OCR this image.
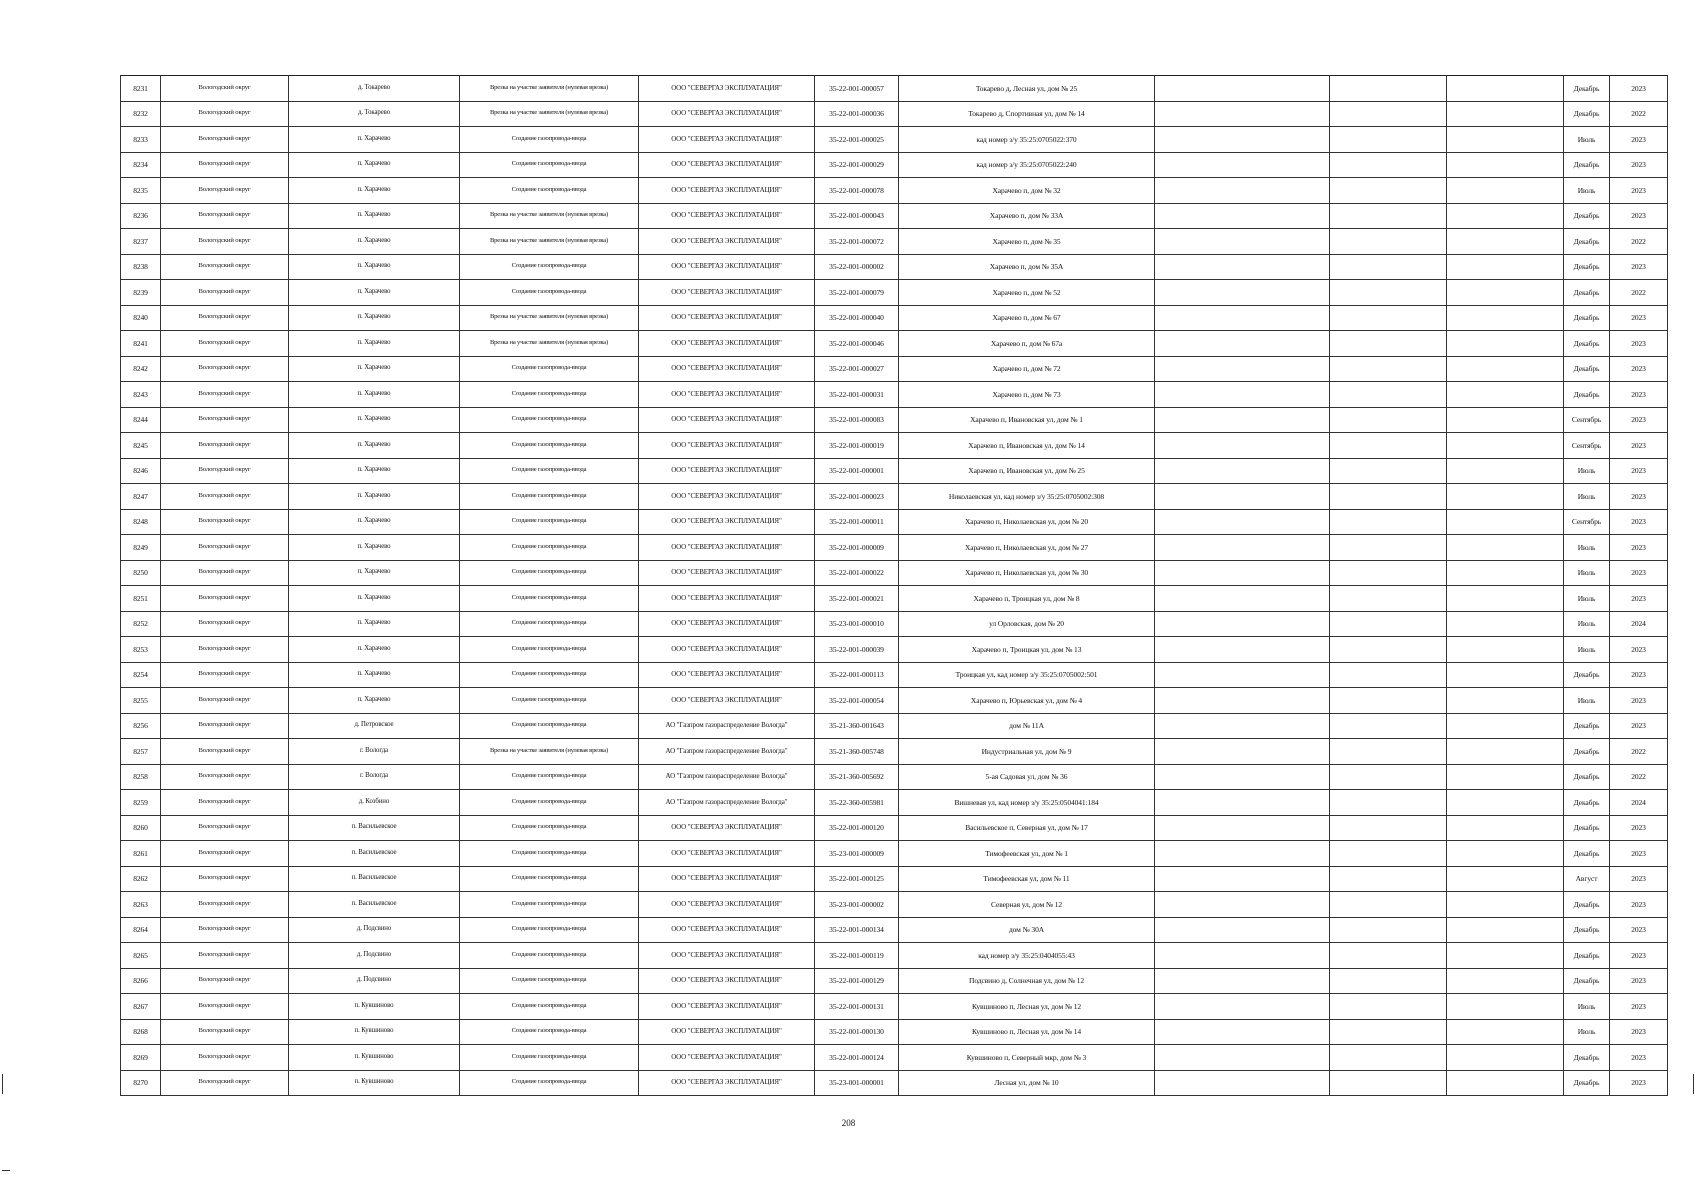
8231	Вологодский округ	д. Токарево	Врезка на участке заявителя (нулевая врезка)	ООО "СЕВЕРГАЗ ЭКСПЛУАТАЦИЯ"	35-22-001-000057	Токарево д, Лесная ул, дом № 25				Декабрь	2023
8232	Вологодский округ	д. Токарево	Врезка на участке заявителя (нулевая врезка)	ООО "СЕВЕРГАЗ ЭКСПЛУАТАЦИЯ"	35-22-001-000036	Токарево д, Спортивная ул, дом № 14				Декабрь	2022
8233	Вологодский округ	п. Харачево	Создание газопровода-ввода	ООО "СЕВЕРГАЗ ЭКСПЛУАТАЦИЯ"	35-22-001-000025	кад номер з/у 35:25:0705022:370				Июль	2023
8234	Вологодский округ	п. Харачево	Создание газопровода-ввода	ООО "СЕВЕРГАЗ ЭКСПЛУАТАЦИЯ"	35-22-001-000029	кад номер з/у 35:25:0705022:240				Декабрь	2023
8235	Вологодский округ	п. Харачево	Создание газопровода-ввода	ООО "СЕВЕРГАЗ ЭКСПЛУАТАЦИЯ"	35-22-001-000078	Харачево п, дом № 32				Июль	2023
8236	Вологодский округ	п. Харачево	Врезка на участке заявителя (нулевая врезка)	ООО "СЕВЕРГАЗ ЭКСПЛУАТАЦИЯ"	35-22-001-000043	Харачево п, дом № 33А				Декабрь	2023
8237	Вологодский округ	п. Харачево	Врезка на участке заявителя (нулевая врезка)	ООО "СЕВЕРГАЗ ЭКСПЛУАТАЦИЯ"	35-22-001-000072	Харачево п, дом № 35				Декабрь	2022
8238	Вологодский округ	п. Харачево	Создание газопровода-ввода	ООО "СЕВЕРГАЗ ЭКСПЛУАТАЦИЯ"	35-22-001-000002	Харачево п, дом № 35А				Декабрь	2023
8239	Вологодский округ	п. Харачево	Создание газопровода-ввода	ООО "СЕВЕРГАЗ ЭКСПЛУАТАЦИЯ"	35-22-001-000079	Харачево п, дом № 52				Декабрь	2022
8240	Вологодский округ	п. Харачево	Врезка на участке заявителя (нулевая врезка)	ООО "СЕВЕРГАЗ ЭКСПЛУАТАЦИЯ"	35-22-001-000040	Харачево п, дом № 67				Декабрь	2023
8241	Вологодский округ	п. Харачево	Врезка на участке заявителя (нулевая врезка)	ООО "СЕВЕРГАЗ ЭКСПЛУАТАЦИЯ"	35-22-001-000046	Харачево п, дом № 67а				Декабрь	2023
8242	Вологодский округ	п. Харачево	Создание газопровода-ввода	ООО "СЕВЕРГАЗ ЭКСПЛУАТАЦИЯ"	35-22-001-000027	Харачево п, дом № 72				Декабрь	2023
8243	Вологодский округ	п. Харачево	Создание газопровода-ввода	ООО "СЕВЕРГАЗ ЭКСПЛУАТАЦИЯ"	35-22-001-000031	Харачево п, дом № 73				Декабрь	2023
8244	Вологодский округ	п. Харачево	Создание газопровода-ввода	ООО "СЕВЕРГАЗ ЭКСПЛУАТАЦИЯ"	35-22-001-000083	Харачево п, Ивановская ул, дом № 1				Сентябрь	2023
8245	Вологодский округ	п. Харачево	Создание газопровода-ввода	ООО "СЕВЕРГАЗ ЭКСПЛУАТАЦИЯ"	35-22-001-000019	Харачево п, Ивановская ул, дом № 14				Сентябрь	2023
8246	Вологодский округ	п. Харачево	Создание газопровода-ввода	ООО "СЕВЕРГАЗ ЭКСПЛУАТАЦИЯ"	35-22-001-000001	Харачево п, Ивановская ул, дом № 25				Июль	2023
8247	Вологодский округ	п. Харачево	Создание газопровода-ввода	ООО "СЕВЕРГАЗ ЭКСПЛУАТАЦИЯ"	35-22-001-000023	Николаевская ул, кад номер з/у 35:25:0705002:308				Июль	2023
8248	Вологодский округ	п. Харачево	Создание газопровода-ввода	ООО "СЕВЕРГАЗ ЭКСПЛУАТАЦИЯ"	35-22-001-000011	Харачево п, Николаевская ул, дом № 20				Сентябрь	2023
8249	Вологодский округ	п. Харачево	Создание газопровода-ввода	ООО "СЕВЕРГАЗ ЭКСПЛУАТАЦИЯ"	35-22-001-000009	Харачево п, Николаевская ул, дом № 27				Июль	2023
8250	Вологодский округ	п. Харачево	Создание газопровода-ввода	ООО "СЕВЕРГАЗ ЭКСПЛУАТАЦИЯ"	35-22-001-000022	Харачево п, Николаевская ул, дом № 30				Июль	2023
8251	Вологодский округ	п. Харачево	Создание газопровода-ввода	ООО "СЕВЕРГАЗ ЭКСПЛУАТАЦИЯ"	35-22-001-000021	Харачево п, Троицкая ул, дом № 8				Июль	2023
8252	Вологодский округ	п. Харачево	Создание газопровода-ввода	ООО "СЕВЕРГАЗ ЭКСПЛУАТАЦИЯ"	35-23-001-000010	ул Орловская, дом № 20				Июль	2024
8253	Вологодский округ	п. Харачево	Создание газопровода-ввода	ООО "СЕВЕРГАЗ ЭКСПЛУАТАЦИЯ"	35-22-001-000039	Харачево п, Троицкая ул, дом № 13				Июль	2023
8254	Вологодский округ	п. Харачево	Создание газопровода-ввода	ООО "СЕВЕРГАЗ ЭКСПЛУАТАЦИЯ"	35-22-001-000113	Троицкая ул, кад номер з/у 35:25:0705002:501				Декабрь	2023
8255	Вологодский округ	п. Харачево	Создание газопровода-ввода	ООО "СЕВЕРГАЗ ЭКСПЛУАТАЦИЯ"	35-22-001-000054	Харачево п, Юрьевская ул, дом № 4				Июль	2023
8256	Вологодский округ	д. Петровское	Создание газопровода-ввода	АО "Газпром газораспределение Вологда"	35-21-360-001643	дом № 11А				Декабрь	2023
8257	Вологодский округ	г. Вологда	Врезка на участке заявителя (нулевая врезка)	АО "Газпром газораспределение Вологда"	35-21-360-005748	Индустриальная ул, дом № 9				Декабрь	2022
8258	Вологодский округ	г. Вологда	Создание газопровода-ввода	АО "Газпром газораспределение Вологда"	35-21-360-005692	5-ая Садовая ул, дом № 36				Декабрь	2022
8259	Вологодский округ	д. Козбино	Создание газопровода-ввода	АО "Газпром газораспределение Вологда"	35-22-360-005981	Вишневая ул, кад номер з/у 35:25:0504041:184				Декабрь	2024
8260	Вологодский округ	п. Васильевское	Создание газопровода-ввода	ООО "СЕВЕРГАЗ ЭКСПЛУАТАЦИЯ"	35-22-001-000120	Васильевское п, Северная ул, дом № 17				Декабрь	2023
8261	Вологодский округ	п. Васильевское	Создание газопровода-ввода	ООО "СЕВЕРГАЗ ЭКСПЛУАТАЦИЯ"	35-23-001-000009	Тимофеевская ул, дом № 1				Декабрь	2023
8262	Вологодский округ	п. Васильевское	Создание газопровода-ввода	ООО "СЕВЕРГАЗ ЭКСПЛУАТАЦИЯ"	35-22-001-000125	Тимофеевская ул, дом № 11				Август	2023
8263	Вологодский округ	п. Васильевское	Создание газопровода-ввода	ООО "СЕВЕРГАЗ ЭКСПЛУАТАЦИЯ"	35-23-001-000002	Северная ул, дом № 12				Декабрь	2023
8264	Вологодский округ	д. Подсвино	Создание газопровода-ввода	ООО "СЕВЕРГАЗ ЭКСПЛУАТАЦИЯ"	35-22-001-000134	дом № 30А				Декабрь	2023
8265	Вологодский округ	д. Подсвино	Создание газопровода-ввода	ООО "СЕВЕРГАЗ ЭКСПЛУАТАЦИЯ"	35-22-001-000119	кад номер з/у 35:25:0404055:43				Декабрь	2023
8266	Вологодский округ	д. Подсвино	Создание газопровода-ввода	ООО "СЕВЕРГАЗ ЭКСПЛУАТАЦИЯ"	35-22-001-000129	Подсвино д, Солнечная ул, дом № 12				Декабрь	2023
8267	Вологодский округ	п. Кувшиново	Создание газопровода-ввода	ООО "СЕВЕРГАЗ ЭКСПЛУАТАЦИЯ"	35-22-001-000131	Кувшиново п, Лесная ул, дом № 12				Июль	2023
8268	Вологодский округ	п. Кувшиново	Создание газопровода-ввода	ООО "СЕВЕРГАЗ ЭКСПЛУАТАЦИЯ"	35-22-001-000130	Кувшиново п, Лесная ул, дом № 14				Июль	2023
8269	Вологодский округ	п. Кувшиново	Создание газопровода-ввода	ООО "СЕВЕРГАЗ ЭКСПЛУАТАЦИЯ"	35-22-001-000124	Кувшиново п, Северный мкр, дом № 3				Декабрь	2023
8270	Вологодский округ	п. Кувшиново	Создание газопровода-ввода	ООО "СЕВЕРГАЗ ЭКСПЛУАТАЦИЯ"	35-23-001-000001	Лесная ул, дом № 10				Декабрь	2023
208
